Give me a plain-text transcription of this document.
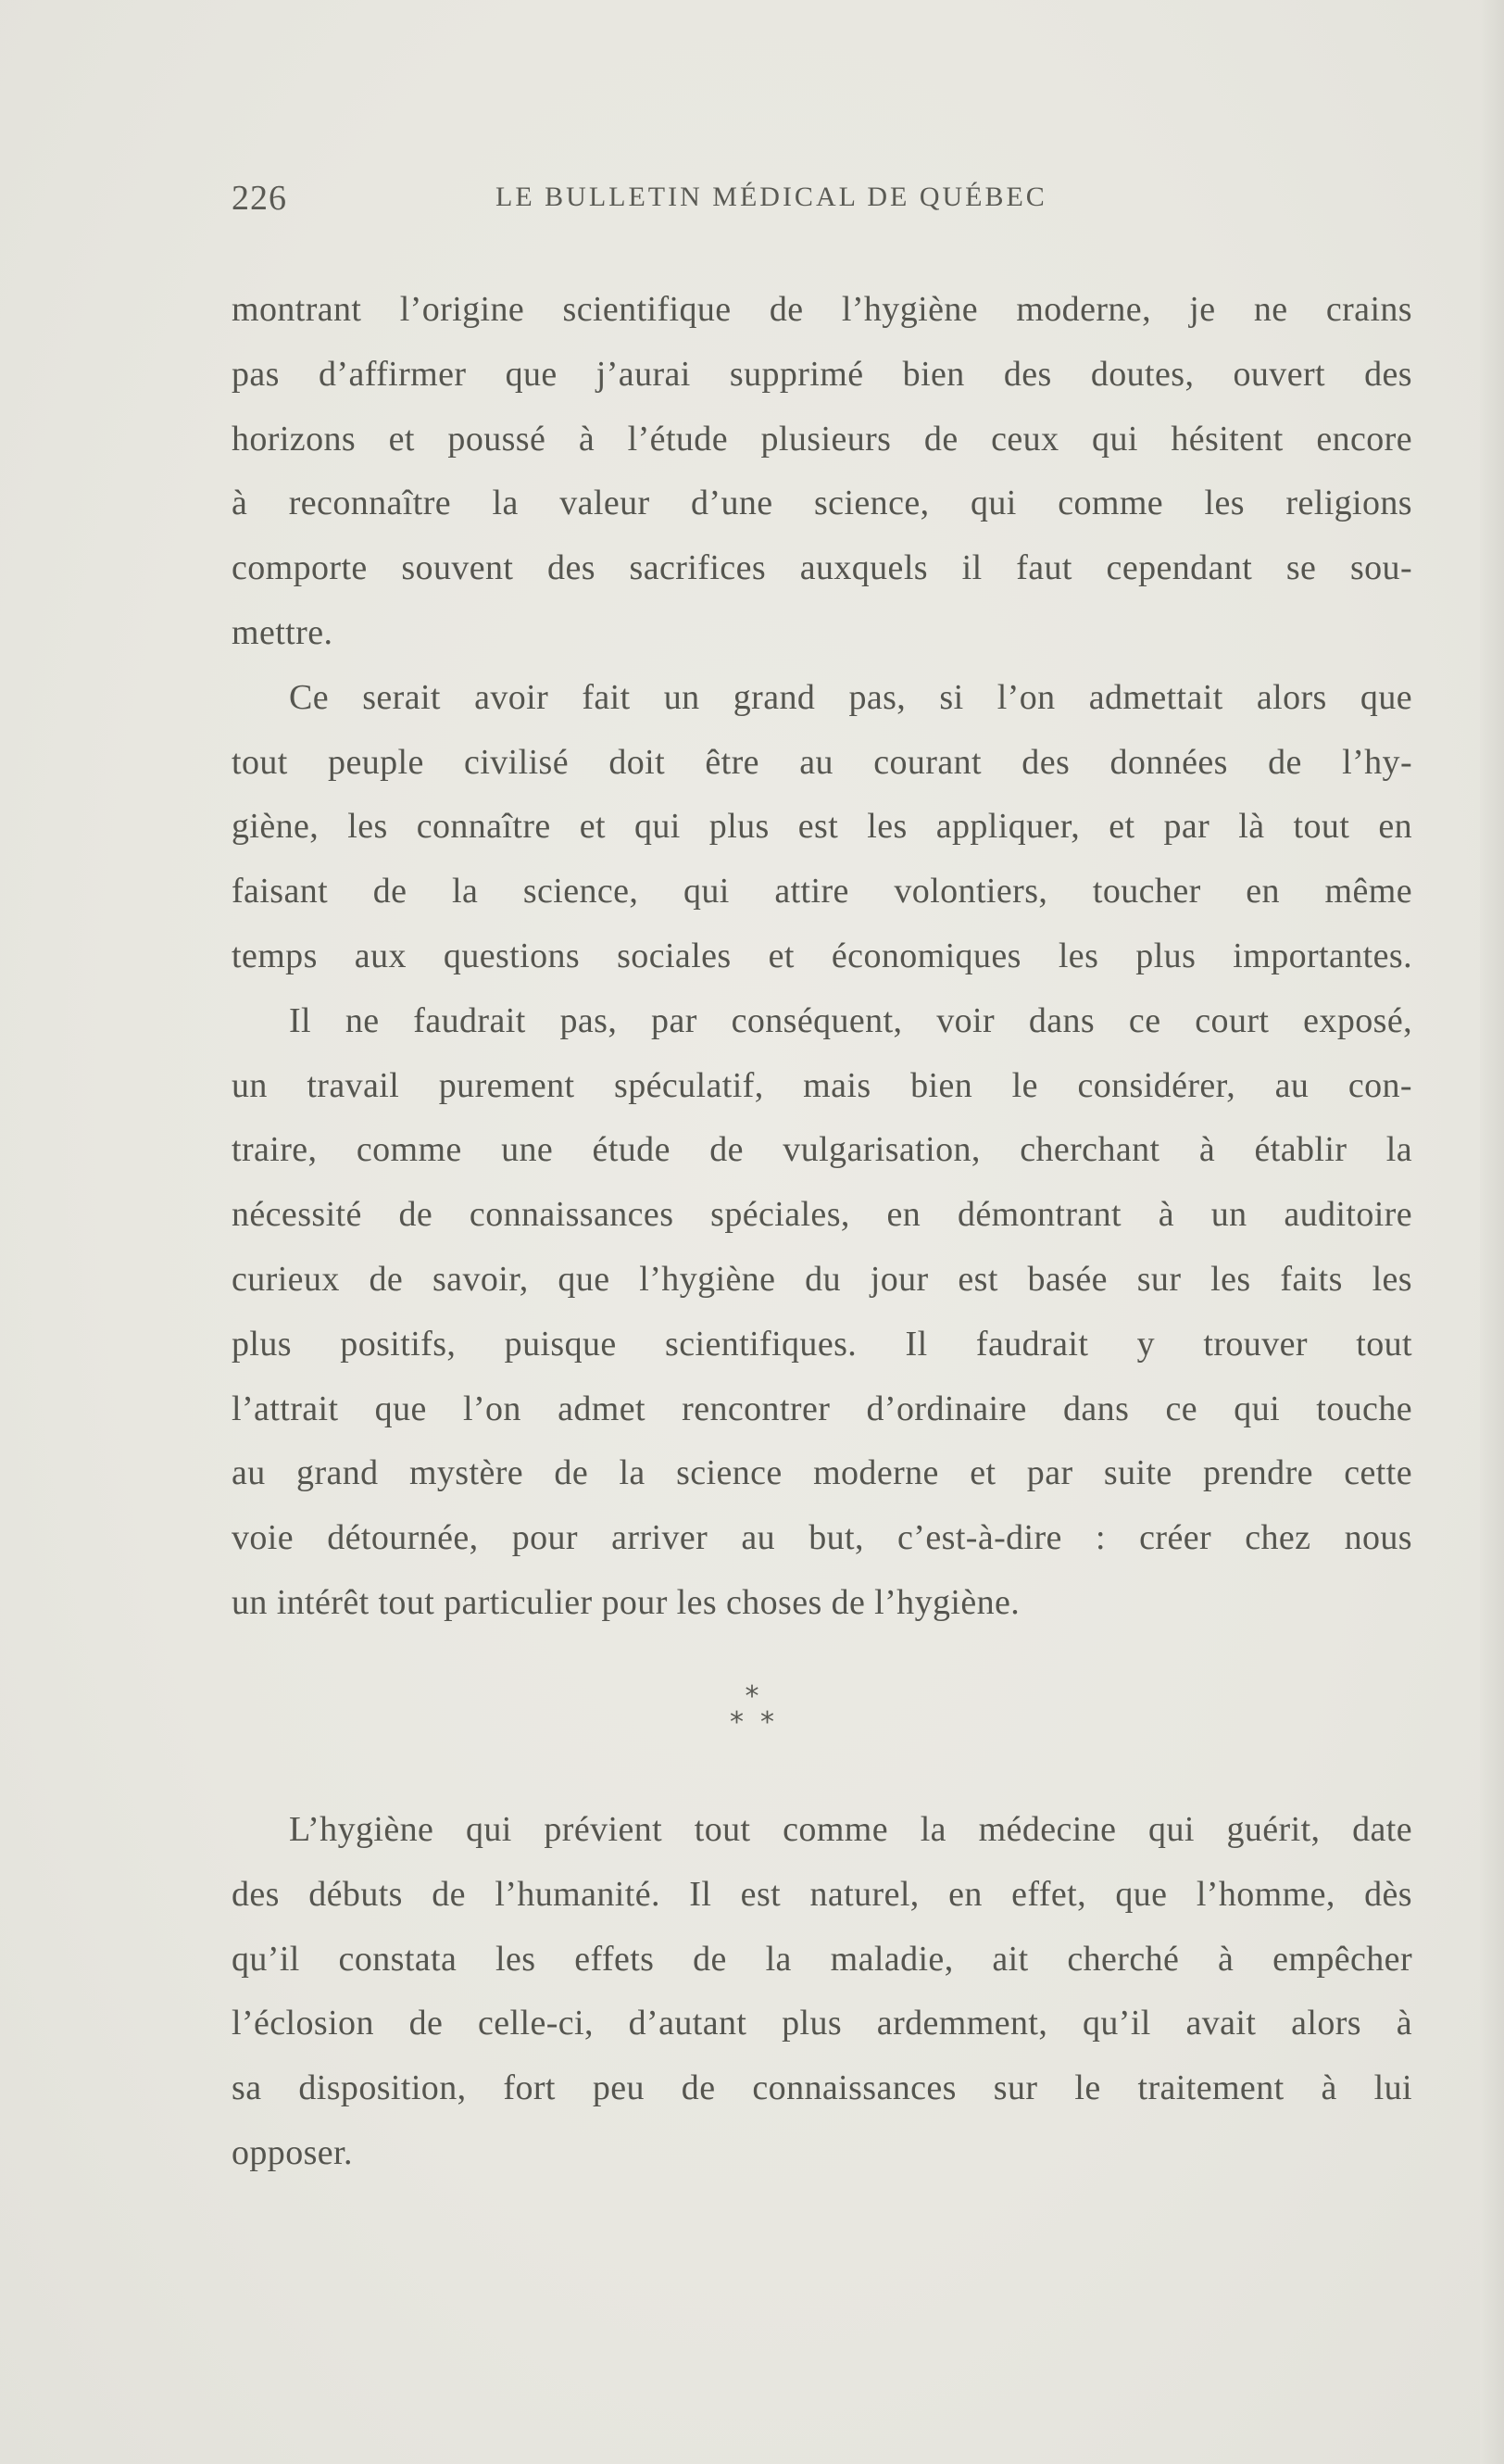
226	LE BULLETIN MÉDICAL DE QUÉBEC
montrant l’origine scientifique de l’hygiène moderne, je ne crains
pas d’affirmer que j’aurai supprimé bien des doutes, ouvert des
horizons et poussé à l’étude plusieurs de ceux qui hésitent encore
à reconnaître la valeur d’une science, qui comme les religions
comporte souvent des sacrifices auxquels il faut cependant se sou-
mettre.
Ce serait avoir fait un grand pas, si l’on admettait alors que
tout peuple civilisé doit être au courant des données de l’hy-
giène, les connaître et qui plus est les appliquer, et par là tout en
faisant de la science, qui attire volontiers, toucher en même
temps aux questions sociales et économiques les plus importantes.
Il ne faudrait pas, par conséquent, voir dans ce court exposé,
un travail purement spéculatif, mais bien le considérer, au con-
traire, comme une étude de vulgarisation, cherchant à établir la
nécessité de connaissances spéciales, en démontrant à un auditoire
curieux de savoir, que l’hygiène du jour est basée sur les faits les
plus positifs, puisque scientifiques. Il faudrait y trouver tout
l’attrait que l’on admet rencontrer d’ordinaire dans ce qui touche
au grand mystère de la science moderne et par suite prendre cette
voie détournée, pour arriver au but, c’est-à-dire : créer chez nous
un intérêt tout particulier pour les choses de l’hygiène.
*
**
L’hygiène qui prévient tout comme la médecine qui guérit, date
des débuts de l’humanité. Il est naturel, en effet, que l’homme, dès
qu’il constata les effets de la maladie, ait cherché à empêcher
l’éclosion de celle-ci, d’autant plus ardemment, qu’il avait alors à
sa disposition, fort peu de connaissances sur le traitement à lui
opposer.
